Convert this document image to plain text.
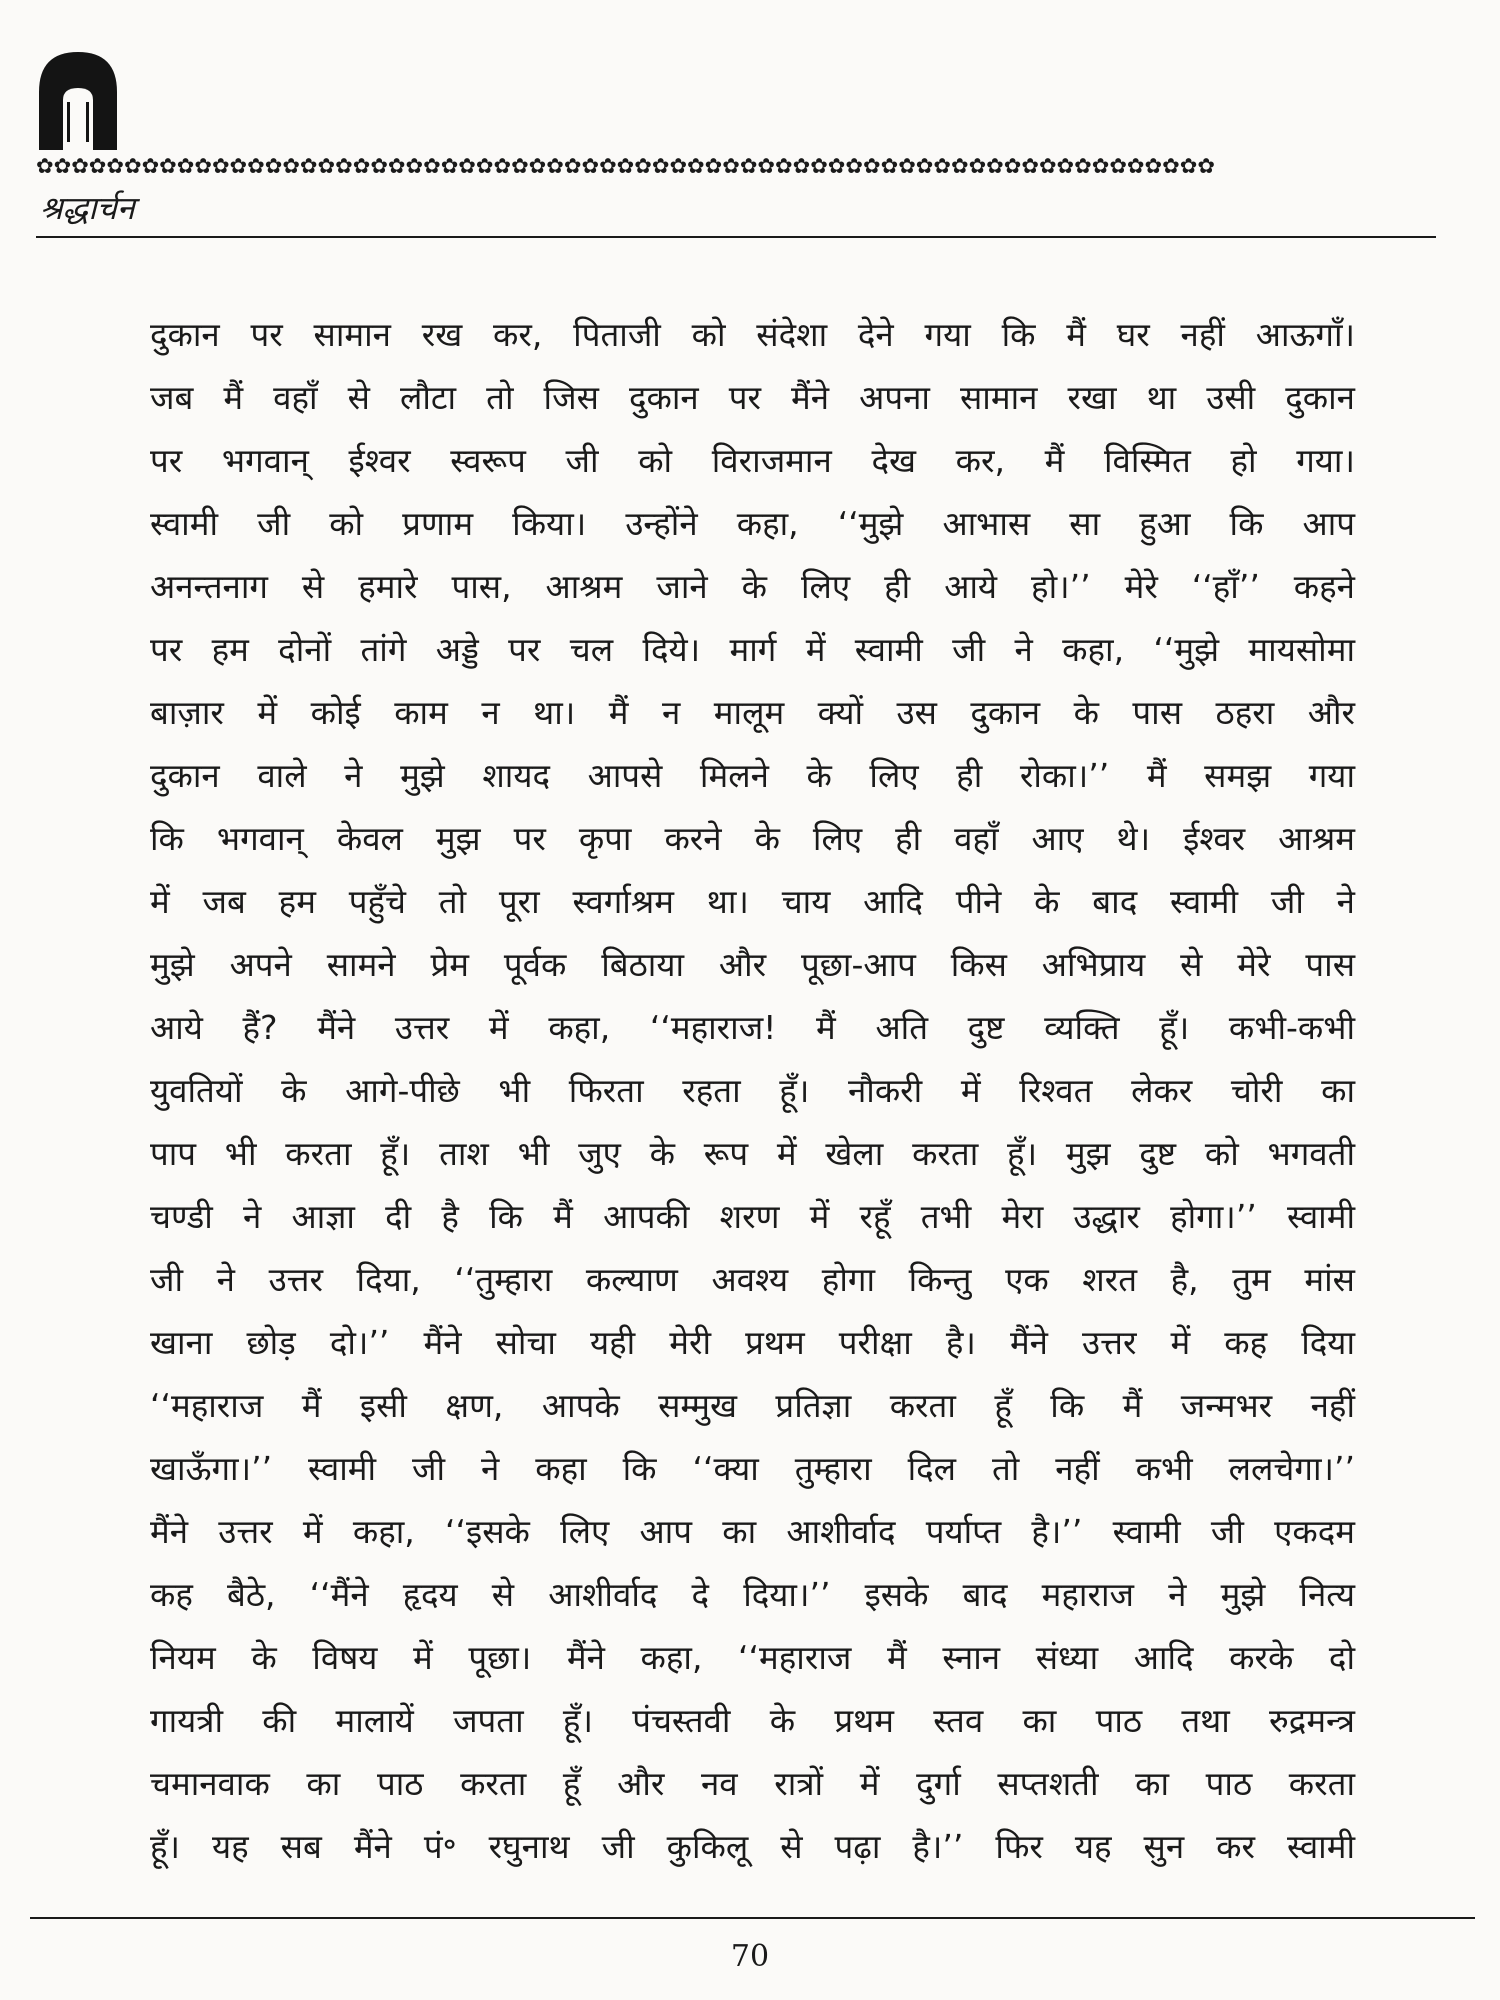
✿✿✿✿✿✿✿✿✿✿✿✿✿✿✿✿✿✿✿✿✿✿✿✿✿✿✿✿✿✿✿✿✿✿✿✿✿✿✿✿✿✿✿✿✿✿✿✿✿✿✿✿✿✿✿✿✿✿✿✿✿✿✿✿✿✿✿
श्रद्धार्चन
दुकान पर सामान रख कर, पिताजी को संदेशा देने गया कि मैं घर नहीं आऊगाँ।
जब मैं वहाँ से लौटा तो जिस दुकान पर मैंने अपना सामान रखा था उसी दुकान
पर भगवान् ईश्वर स्वरूप जी को विराजमान देख कर, मैं विस्मित हो गया।
स्वामी जी को प्रणाम किया। उन्होंने कहा, ‘‘मुझे आभास सा हुआ कि आप
अनन्तनाग से हमारे पास, आश्रम जाने के लिए ही आये हो।’’ मेरे ‘‘हाँ’’ कहने
पर हम दोनों तांगे अड्डे पर चल दिये। मार्ग में स्वामी जी ने कहा, ‘‘मुझे मायसोमा
बाज़ार में कोई काम न था। मैं न मालूम क्यों उस दुकान के पास ठहरा और
दुकान वाले ने मुझे शायद आपसे मिलने के लिए ही रोका।’’ मैं समझ गया
कि भगवान् केवल मुझ पर कृपा करने के लिए ही वहाँ आए थे। ईश्वर आश्रम
में जब हम पहुँचे तो पूरा स्वर्गाश्रम था। चाय आदि पीने के बाद स्वामी जी ने
मुझे अपने सामने प्रेम पूर्वक बिठाया और पूछा-आप किस अभिप्राय से मेरे पास
आये हैं? मैंने उत्तर में कहा, ‘‘महाराज! मैं अति दुष्ट व्यक्ति हूँ। कभी-कभी
युवतियों के आगे-पीछे भी फिरता रहता हूँ। नौकरी में रिश्वत लेकर चोरी का
पाप भी करता हूँ। ताश भी जुए के रूप में खेला करता हूँ। मुझ दुष्ट को भगवती
चण्डी ने आज्ञा दी है कि मैं आपकी शरण में रहूँ तभी मेरा उद्धार होगा।’’ स्वामी
जी ने उत्तर दिया, ‘‘तुम्हारा कल्याण अवश्य होगा किन्तु एक शरत है, तुम मांस
खाना छोड़ दो।’’ मैंने सोचा यही मेरी प्रथम परीक्षा है। मैंने उत्तर में कह दिया
‘‘महाराज मैं इसी क्षण, आपके सम्मुख प्रतिज्ञा करता हूँ कि मैं जन्मभर नहीं
खाऊँगा।’’ स्वामी जी ने कहा कि ‘‘क्या तुम्हारा दिल तो नहीं कभी ललचेगा।’’
मैंने उत्तर में कहा, ‘‘इसके लिए आप का आशीर्वाद पर्याप्त है।’’ स्वामी जी एकदम
कह बैठे, ‘‘मैंने हृदय से आशीर्वाद दे दिया।’’ इसके बाद महाराज ने मुझे नित्य
नियम के विषय में पूछा। मैंने कहा, ‘‘महाराज मैं स्नान संध्या आदि करके दो
गायत्री की मालायें जपता हूँ। पंचस्तवी के प्रथम स्तव का पाठ तथा रुद्रमन्त्र
चमानवाक का पाठ करता हूँ और नव रात्रों में दुर्गा सप्तशती का पाठ करता
हूँ। यह सब मैंने पं॰ रघुनाथ जी कुकिलू से पढ़ा है।’’ फिर यह सुन कर स्वामी
70
